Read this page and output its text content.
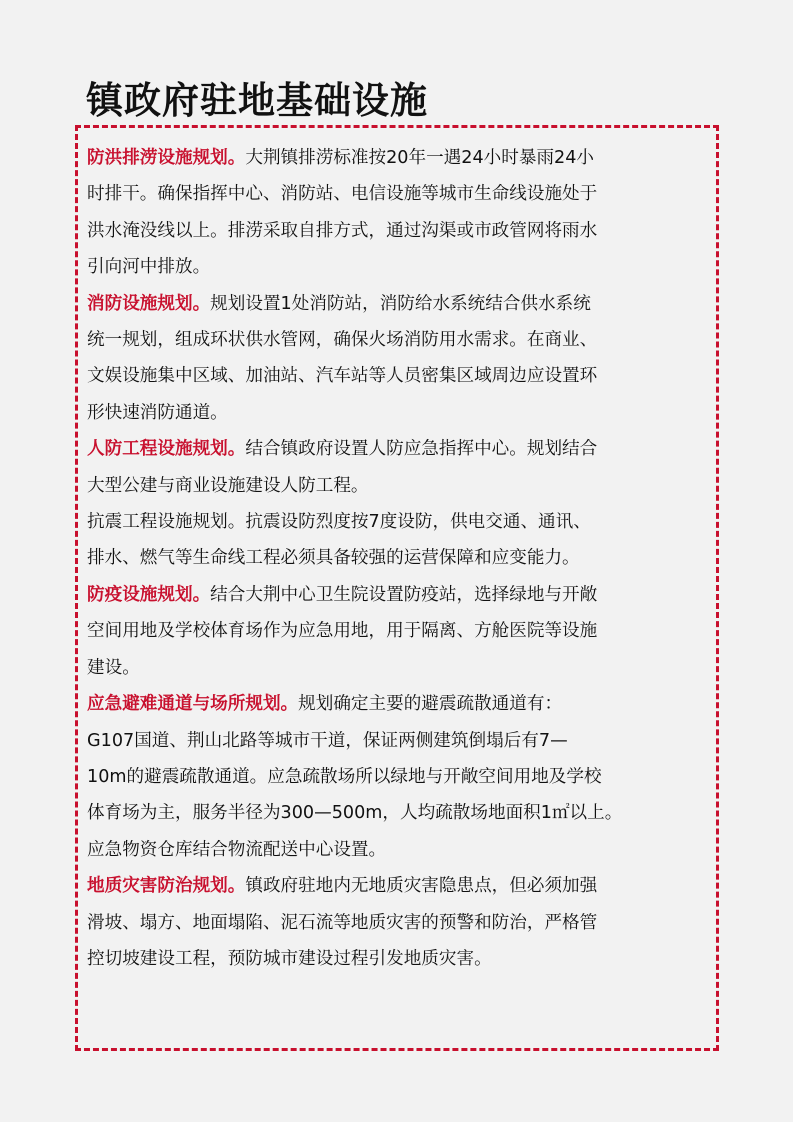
镇政府驻地基础设施

防洪排涝设施规划。大荆镇排涝标准按20年一遇24小时暴雨24小

时排干。确保指挥中心、消防站、电信设施等城市生命线设施处于

洪水淹没线以上。排涝采取自排方式，通过沟渠或市政管网将雨水

引向河中排放。

消防设施规划。规划设置1处消防站，消防给水系统结合供水系统

统一规划，组成环状供水管网，确保火场消防用水需求。在商业、

文娱设施集中区域、加油站、汽车站等人员密集区域周边应设置环

形快速消防通道。

人防工程设施规划。结合镇政府设置人防应急指挥中心。规划结合

大型公建与商业设施建设人防工程。

抗震工程设施规划。抗震设防烈度按7度设防，供电交通、通讯、

排水、燃气等生命线工程必须具备较强的运营保障和应变能力。

防疫设施规划。结合大荆中心卫生院设置防疫站，选择绿地与开敞

空间用地及学校体育场作为应急用地，用于隔离、方舱医院等设施

建设。

应急避难通道与场所规划。规划确定主要的避震疏散通道有：

G107国道、荆山北路等城市干道，保证两侧建筑倒塌后有7—

10m的避震疏散通道。应急疏散场所以绿地与开敞空间用地及学校

体育场为主，服务半径为300—500m，人均疏散场地面积1㎡以上。

应急物资仓库结合物流配送中心设置。

地质灾害防治规划。镇政府驻地内无地质灾害隐患点，但必须加强

滑坡、塌方、地面塌陷、泥石流等地质灾害的预警和防治，严格管

控切坡建设工程，预防城市建设过程引发地质灾害。
